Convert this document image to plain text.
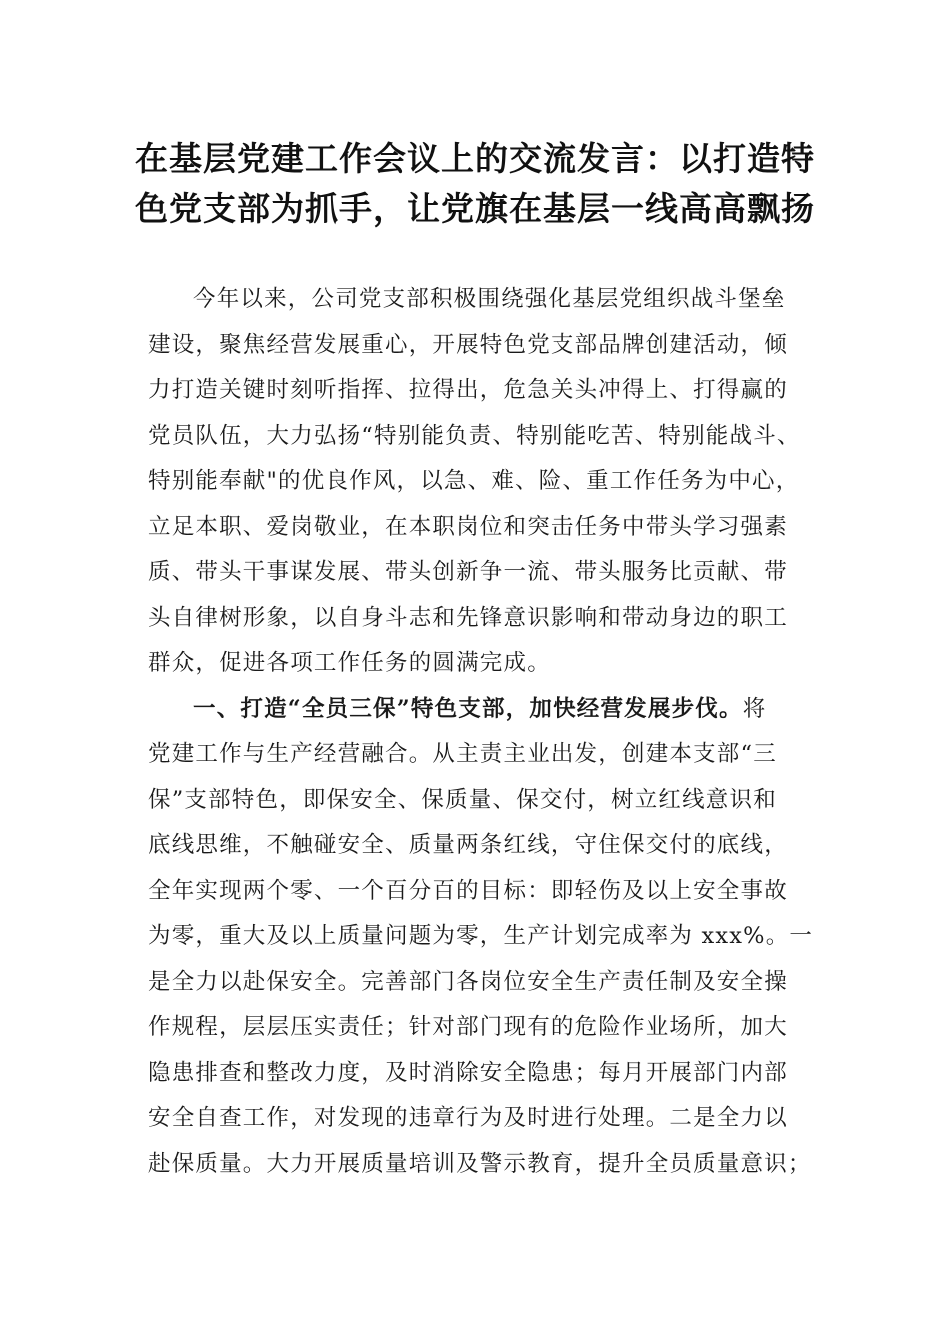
在基层党建工作会议上的交流发言：以打造特
色党支部为抓手，让党旗在基层一线高高飘扬
今年以来，公司党支部积极围绕强化基层党组织战斗堡垒
建设，聚焦经营发展重心，开展特色党支部品牌创建活动，倾
力打造关键时刻听指挥、拉得出，危急关头冲得上、打得赢的
党员队伍，大力弘扬“特别能负责、特别能吃苦、特别能战斗、
特别能奉献"的优良作风，以急、难、险、重工作任务为中心，
立足本职、爱岗敬业，在本职岗位和突击任务中带头学习强素
质、带头干事谋发展、带头创新争一流、带头服务比贡献、带
头自律树形象，以自身斗志和先锋意识影响和带动身边的职工
群众，促进各项工作任务的圆满完成。
一、打造“全员三保”特色支部，加快经营发展步伐。将
党建工作与生产经营融合。从主责主业出发，创建本支部“三
保”支部特色，即保安全、保质量、保交付，树立红线意识和
底线思维，不触碰安全、质量两条红线，守住保交付的底线，
全年实现两个零、一个百分百的目标：即轻伤及以上安全事故
为零，重大及以上质量问题为零，生产计划完成率为 xxx%。一
是全力以赴保安全。完善部门各岗位安全生产责任制及安全操
作规程，层层压实责任；针对部门现有的危险作业场所，加大
隐患排查和整改力度，及时消除安全隐患；每月开展部门内部
安全自查工作，对发现的违章行为及时进行处理。二是全力以
赴保质量。大力开展质量培训及警示教育，提升全员质量意识；
